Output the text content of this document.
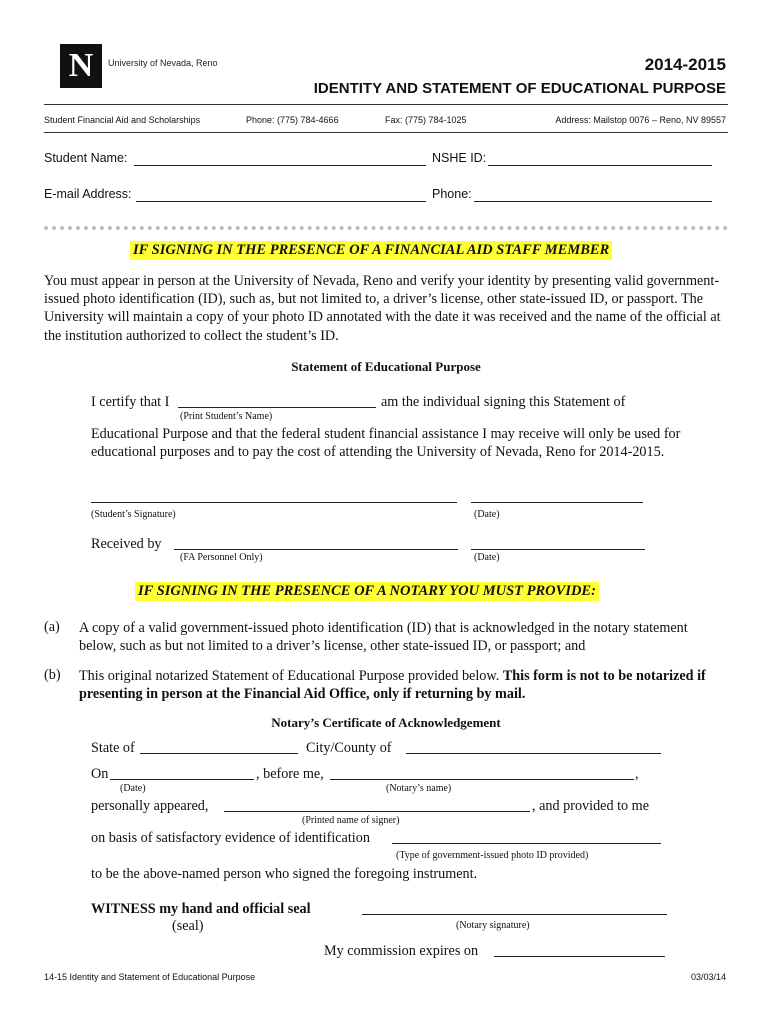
N	University of Nevada, Reno	2014-2015
IDENTITY AND STATEMENT OF EDUCATIONAL PURPOSE
Student Financial Aid and Scholarships	Phone: (775) 784-4666	Fax: (775) 784-1025	Address: Mailstop 0076 – Reno, NV 89557
Student Name:	NSHE ID:
E-mail Address:	Phone:
IF SIGNING IN THE PRESENCE OF A FINANCIAL AID STAFF MEMBER
You must appear in person at the University of Nevada, Reno and verify your identity by presenting valid government-issued photo identification (ID), such as, but not limited to, a driver’s license, other state-issued ID, or passport. The University will maintain a copy of your photo ID annotated with the date it was received and the name of the official at the institution authorized to collect the student’s ID.
Statement of Educational Purpose
I certify that I	am the individual signing this Statement of
(Print Student’s Name)
Educational Purpose and that the federal student financial assistance I may receive will only be used for educational purposes and to pay the cost of attending the University of Nevada, Reno for 2014-2015.
(Student’s Signature)	(Date)
Received by
(FA Personnel Only)	(Date)
IF SIGNING IN THE PRESENCE OF A NOTARY YOU MUST PROVIDE:
(a) A copy of a valid government-issued photo identification (ID) that is acknowledged in the notary statement below, such as but not limited to a driver’s license, other state-issued ID, or passport; and
(b) This original notarized Statement of Educational Purpose provided below. This form is not to be notarized if presenting in person at the Financial Aid Office, only if returning by mail.
Notary’s Certificate of Acknowledgement
State of	City/County of
On	, before me,	,
(Date)	(Notary’s name)
personally appeared,	, and provided to me
(Printed name of signer)
on basis of satisfactory evidence of identification
(Type of government-issued photo ID provided)
to be the above-named person who signed the foregoing instrument.
WITNESS my hand and official seal
(seal)	(Notary signature)
My commission expires on
14-15 Identity and Statement of Educational Purpose	03/03/14
